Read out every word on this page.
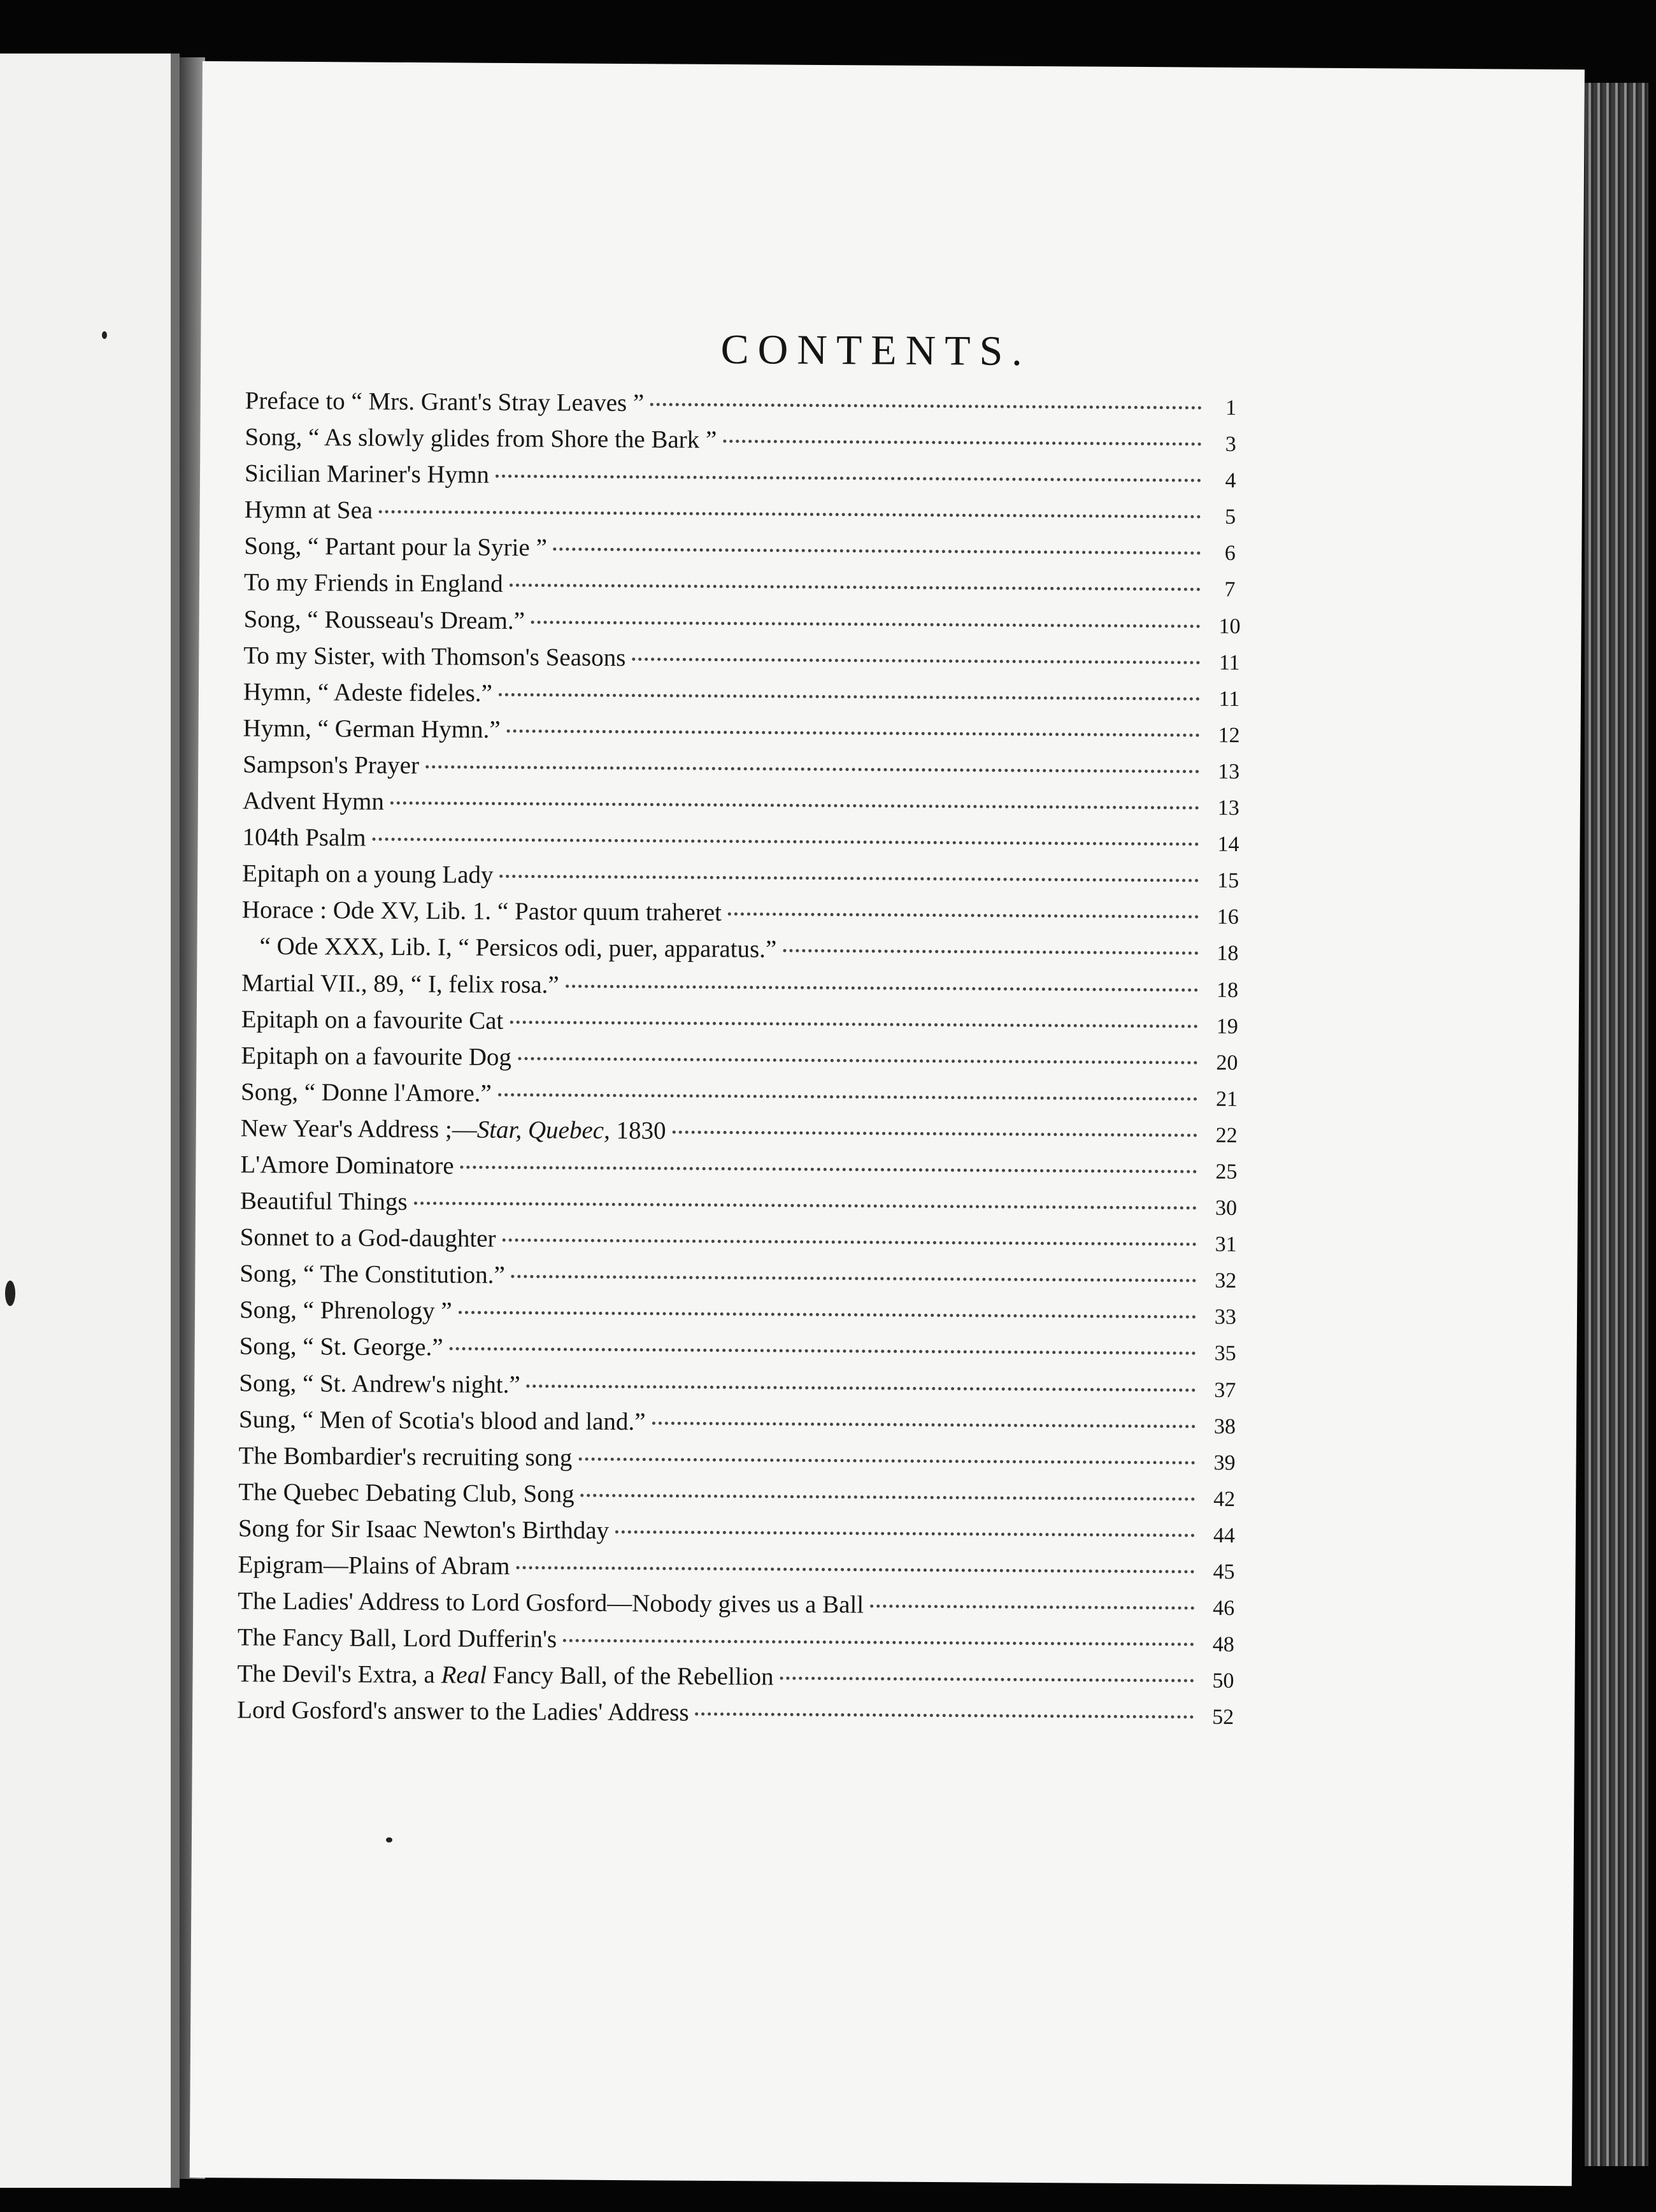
CONTENTS.
Preface to “ Mrs. Grant's Stray Leaves ”	1
Song, “ As slowly glides from Shore the Bark ”	3
Sicilian Mariner's Hymn	4
Hymn at Sea	5
Song, “ Partant pour la Syrie ”	6
To my Friends in England	7
Song, “ Rousseau's Dream.”	10
To my Sister, with Thomson's Seasons	11
Hymn, “ Adeste fideles.”	11
Hymn, “ German Hymn.”	12
Sampson's Prayer	13
Advent Hymn	13
104th Psalm	14
Epitaph on a young Lady	15
Horace : Ode XV, Lib. 1. “ Pastor quum traheret	16
“ Ode XXX, Lib. I, “ Persicos odi, puer, apparatus.”	18
Martial VII., 89, “ I, felix rosa.”	18
Epitaph on a favourite Cat	19
Epitaph on a favourite Dog	20
Song, “ Donne l'Amore.”	21
New Year's Address ;—Star, Quebec, 1830	22
L'Amore Dominatore	25
Beautiful Things	30
Sonnet to a God-daughter	31
Song, “ The Constitution.”	32
Song, “ Phrenology ”	33
Song, “ St. George.”	35
Song, “ St. Andrew's night.”	37
Sung, “ Men of Scotia's blood and land.”	38
The Bombardier's recruiting song	39
The Quebec Debating Club, Song	42
Song for Sir Isaac Newton's Birthday	44
Epigram—Plains of Abram	45
The Ladies' Address to Lord Gosford—Nobody gives us a Ball	46
The Fancy Ball, Lord Dufferin's	48
The Devil's Extra, a Real Fancy Ball, of the Rebellion	50
Lord Gosford's answer to the Ladies' Address	52
